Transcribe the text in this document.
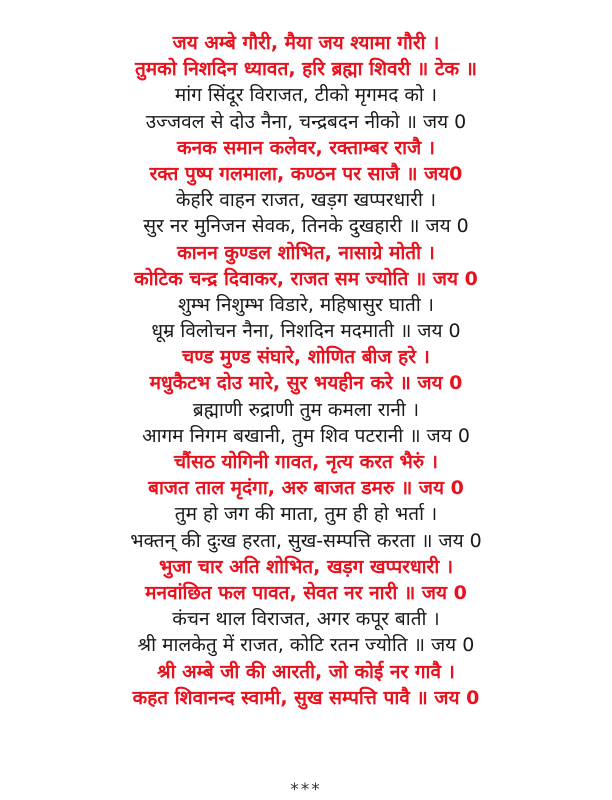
जय अम्बे गौरी, मैया जय श्यामा गौरी ।
तुमको निशदिन ध्यावत, हरि ब्रह्मा शिवरी ॥ टेक ॥
मांग सिंदूर विराजत, टीको मृगमद को ।
उज्जवल से दोउ नैना, चन्द्रबदन नीको ॥ जय 0
कनक समान कलेवर, रक्ताम्बर राजै ।
रक्त पुष्प गलमाला, कण्ठन पर साजै ॥ जय0
केहरि वाहन राजत, खड़ग खप्परधारी ।
सुर नर मुनिजन सेवक, तिनके दुखहारी ॥ जय 0
कानन कुण्डल शोभित, नासाग्रे मोती ।
कोटिक चन्द्र दिवाकर, राजत सम ज्योति ॥ जय 0
शुम्भ निशुम्भ विडारे, महिषासुर घाती ।
धूम्र विलोचन नैना, निशदिन मदमाती ॥ जय 0
चण्ड मुण्ड संघारे, शोणित बीज हरे ।
मधुकैटभ दोउ मारे, सुर भयहीन करे ॥ जय 0
ब्रह्माणी रुद्राणी तुम कमला रानी ।
आगम निगम बखानी, तुम शिव पटरानी ॥ जय 0
चौंसठ योगिनी गावत, नृत्य करत भैरुं ।
बाजत ताल मृदंगा, अरु बाजत डमरु ॥ जय 0
तुम हो जग की माता, तुम ही हो भर्ता ।
भक्तन् की दुःख हरता, सुख-सम्पत्ति करता ॥ जय 0
भुजा चार अति शोभित, खड़ग खप्परधारी ।
मनवांछित फल पावत, सेवत नर नारी ॥ जय 0
कंचन थाल विराजत, अगर कपूर बाती ।
श्री मालकेतु में राजत, कोटि रतन ज्योति ॥ जय 0
श्री अम्बे जी की आरती, जो कोई नर गावै ।
कहत शिवानन्द स्वामी, सुख सम्पत्ति पावै ॥ जय 0
***
